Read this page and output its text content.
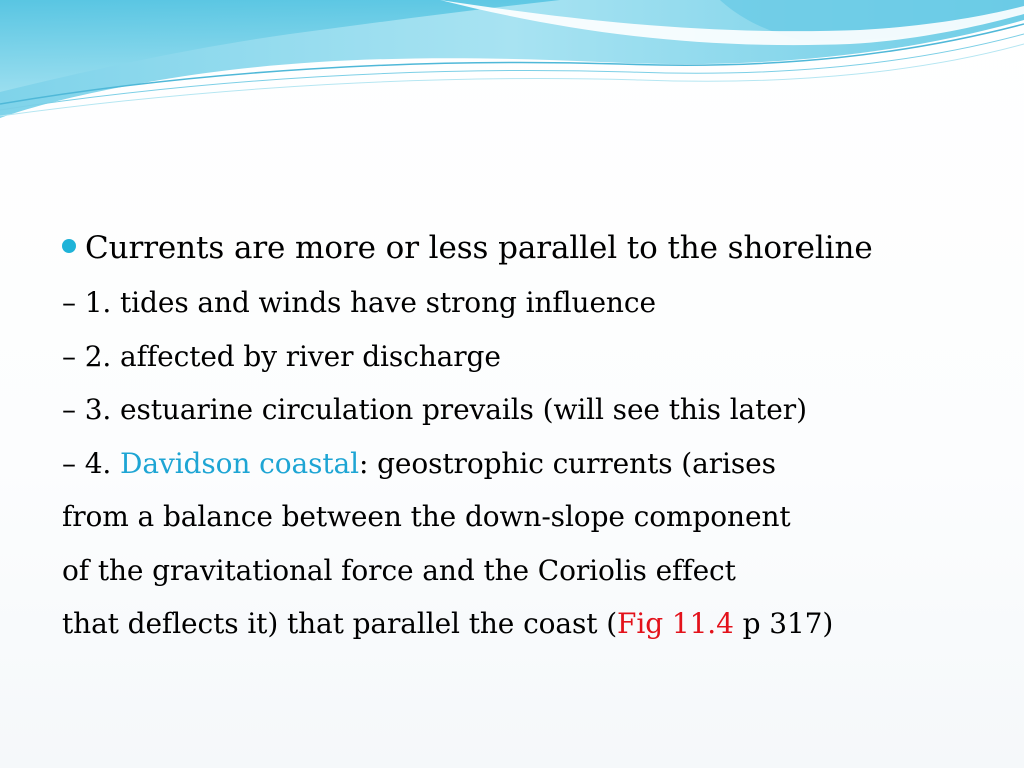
Currents are more or less parallel to the shoreline
– 1. tides and winds have strong influence
– 2. affected by river discharge
– 3. estuarine circulation prevails (will see this later)
– 4. Davidson coastal: geostrophic currents (arises
from a balance between the down-slope component
of the gravitational force and the Coriolis effect
that deflects it) that parallel the coast (Fig 11.4 p 317)
